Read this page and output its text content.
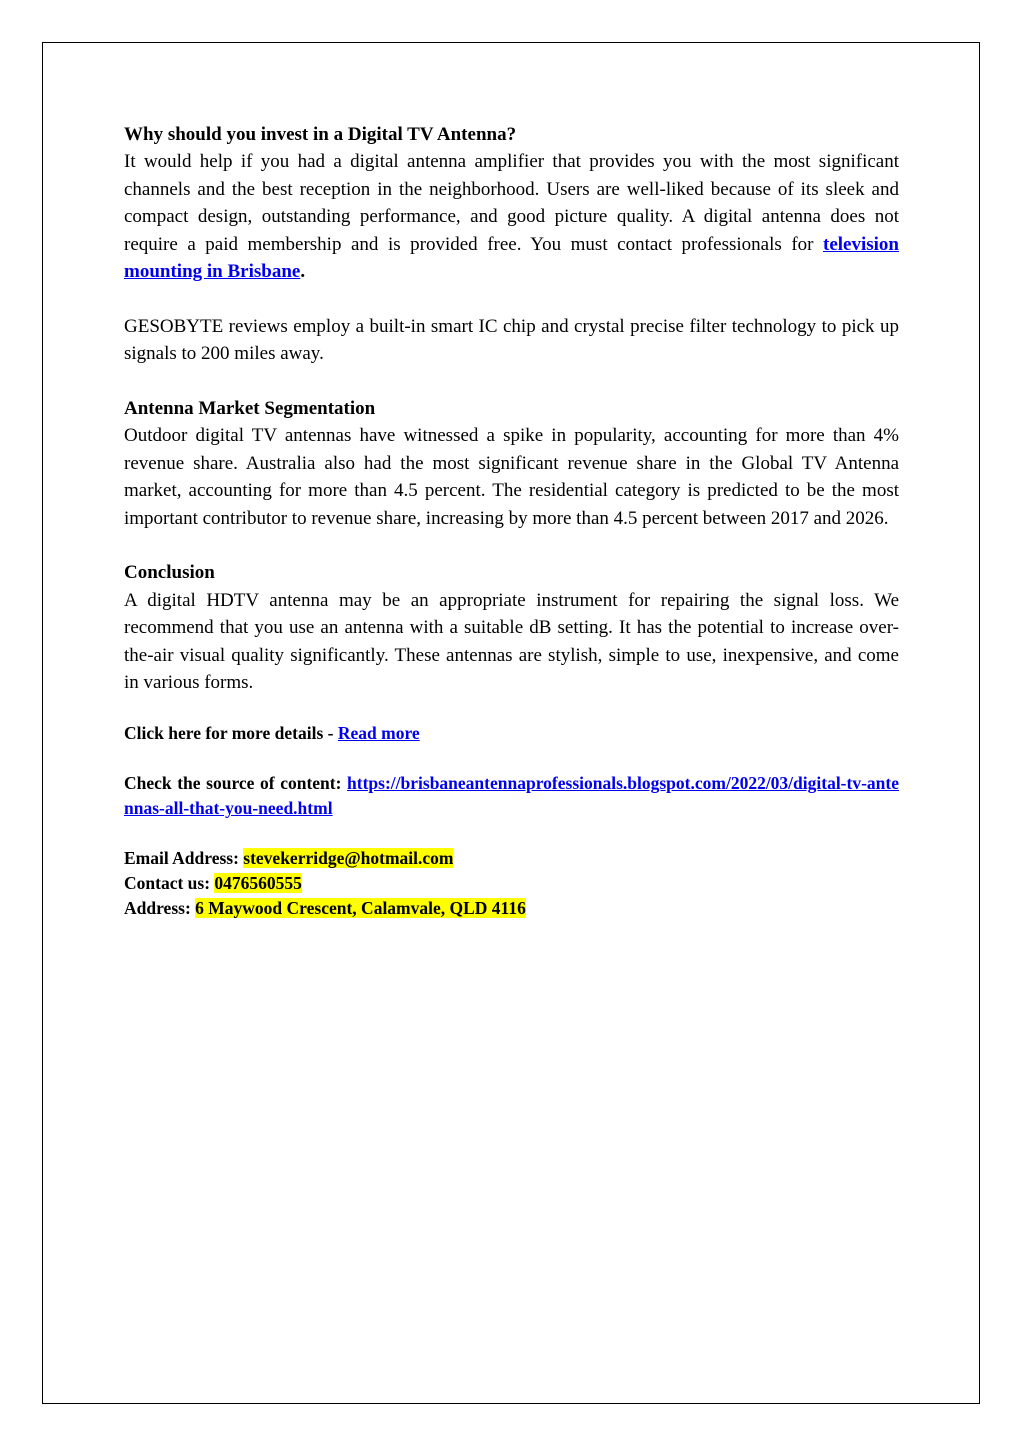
Why should you invest in a Digital TV Antenna?

It would help if you had a digital antenna amplifier that provides you with the most significant channels and the best reception in the neighborhood. Users are well-liked because of its sleek and compact design, outstanding performance, and good picture quality. A digital antenna does not require a paid membership and is provided free. You must contact professionals for television mounting in Brisbane.

GESOBYTE reviews employ a built-in smart IC chip and crystal precise filter technology to pick up signals to 200 miles away.

Antenna Market Segmentation

Outdoor digital TV antennas have witnessed a spike in popularity, accounting for more than 4% revenue share. Australia also had the most significant revenue share in the Global TV Antenna market, accounting for more than 4.5 percent. The residential category is predicted to be the most important contributor to revenue share, increasing by more than 4.5 percent between 2017 and 2026.

Conclusion

A digital HDTV antenna may be an appropriate instrument for repairing the signal loss. We recommend that you use an antenna with a suitable dB setting. It has the potential to increase over-the-air visual quality significantly. These antennas are stylish, simple to use, inexpensive, and come in various forms.

Click here for more details - Read more

Check the source of content: https://brisbaneantennaprofessionals.blogspot.com/2022/03/digital-tv-antennas-all-that-you-need.html

Email Address: stevekerridge@hotmail.com

Contact us: 0476560555

Address: 6 Maywood Crescent, Calamvale, QLD 4116
